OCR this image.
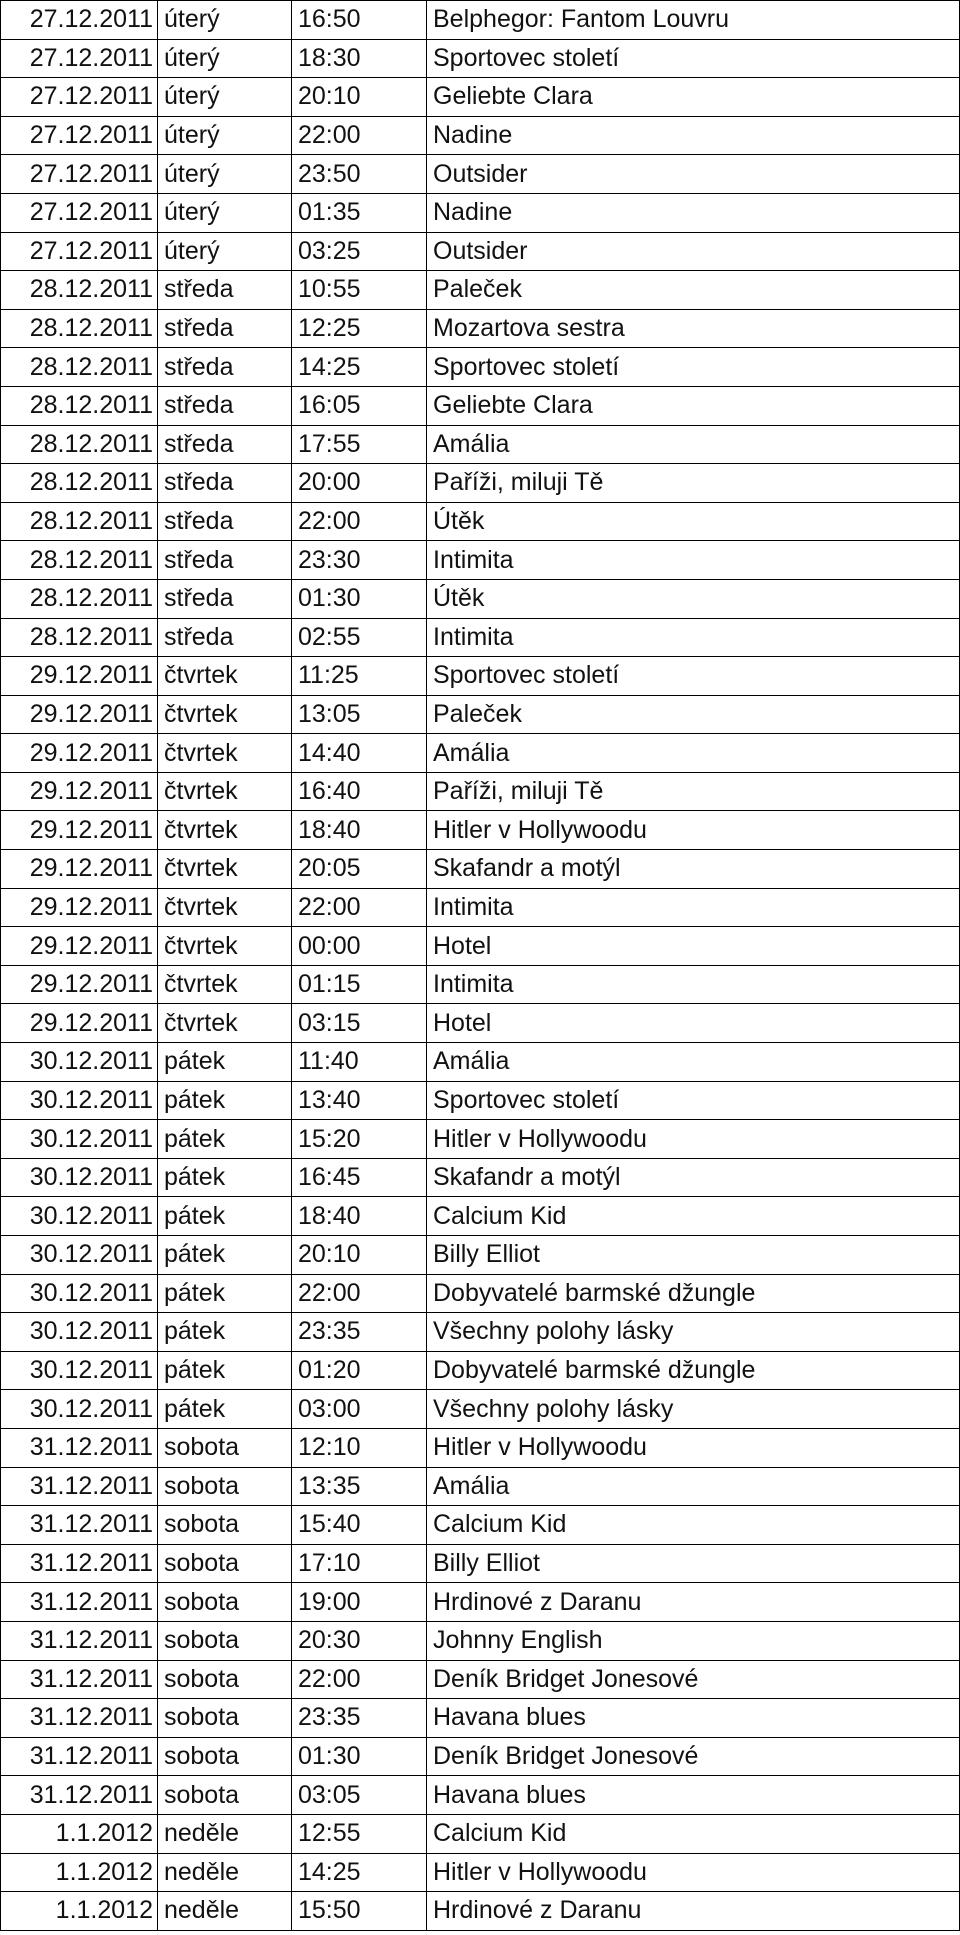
27.12.2011	úterý	16:50	Belphegor: Fantom Louvru
27.12.2011	úterý	18:30	Sportovec století
27.12.2011	úterý	20:10	Geliebte Clara
27.12.2011	úterý	22:00	Nadine
27.12.2011	úterý	23:50	Outsider
27.12.2011	úterý	01:35	Nadine
27.12.2011	úterý	03:25	Outsider
28.12.2011	středa	10:55	Paleček
28.12.2011	středa	12:25	Mozartova sestra
28.12.2011	středa	14:25	Sportovec století
28.12.2011	středa	16:05	Geliebte Clara
28.12.2011	středa	17:55	Amália
28.12.2011	středa	20:00	Paříži, miluji Tě
28.12.2011	středa	22:00	Útěk
28.12.2011	středa	23:30	Intimita
28.12.2011	středa	01:30	Útěk
28.12.2011	středa	02:55	Intimita
29.12.2011	čtvrtek	11:25	Sportovec století
29.12.2011	čtvrtek	13:05	Paleček
29.12.2011	čtvrtek	14:40	Amália
29.12.2011	čtvrtek	16:40	Paříži, miluji Tě
29.12.2011	čtvrtek	18:40	Hitler v Hollywoodu
29.12.2011	čtvrtek	20:05	Skafandr a motýl
29.12.2011	čtvrtek	22:00	Intimita
29.12.2011	čtvrtek	00:00	Hotel
29.12.2011	čtvrtek	01:15	Intimita
29.12.2011	čtvrtek	03:15	Hotel
30.12.2011	pátek	11:40	Amália
30.12.2011	pátek	13:40	Sportovec století
30.12.2011	pátek	15:20	Hitler v Hollywoodu
30.12.2011	pátek	16:45	Skafandr a motýl
30.12.2011	pátek	18:40	Calcium Kid
30.12.2011	pátek	20:10	Billy Elliot
30.12.2011	pátek	22:00	Dobyvatelé barmské džungle
30.12.2011	pátek	23:35	Všechny polohy lásky
30.12.2011	pátek	01:20	Dobyvatelé barmské džungle
30.12.2011	pátek	03:00	Všechny polohy lásky
31.12.2011	sobota	12:10	Hitler v Hollywoodu
31.12.2011	sobota	13:35	Amália
31.12.2011	sobota	15:40	Calcium Kid
31.12.2011	sobota	17:10	Billy Elliot
31.12.2011	sobota	19:00	Hrdinové z Daranu
31.12.2011	sobota	20:30	Johnny English
31.12.2011	sobota	22:00	Deník Bridget Jonesové
31.12.2011	sobota	23:35	Havana blues
31.12.2011	sobota	01:30	Deník Bridget Jonesové
31.12.2011	sobota	03:05	Havana blues
1.1.2012	neděle	12:55	Calcium Kid
1.1.2012	neděle	14:25	Hitler v Hollywoodu
1.1.2012	neděle	15:50	Hrdinové z Daranu
